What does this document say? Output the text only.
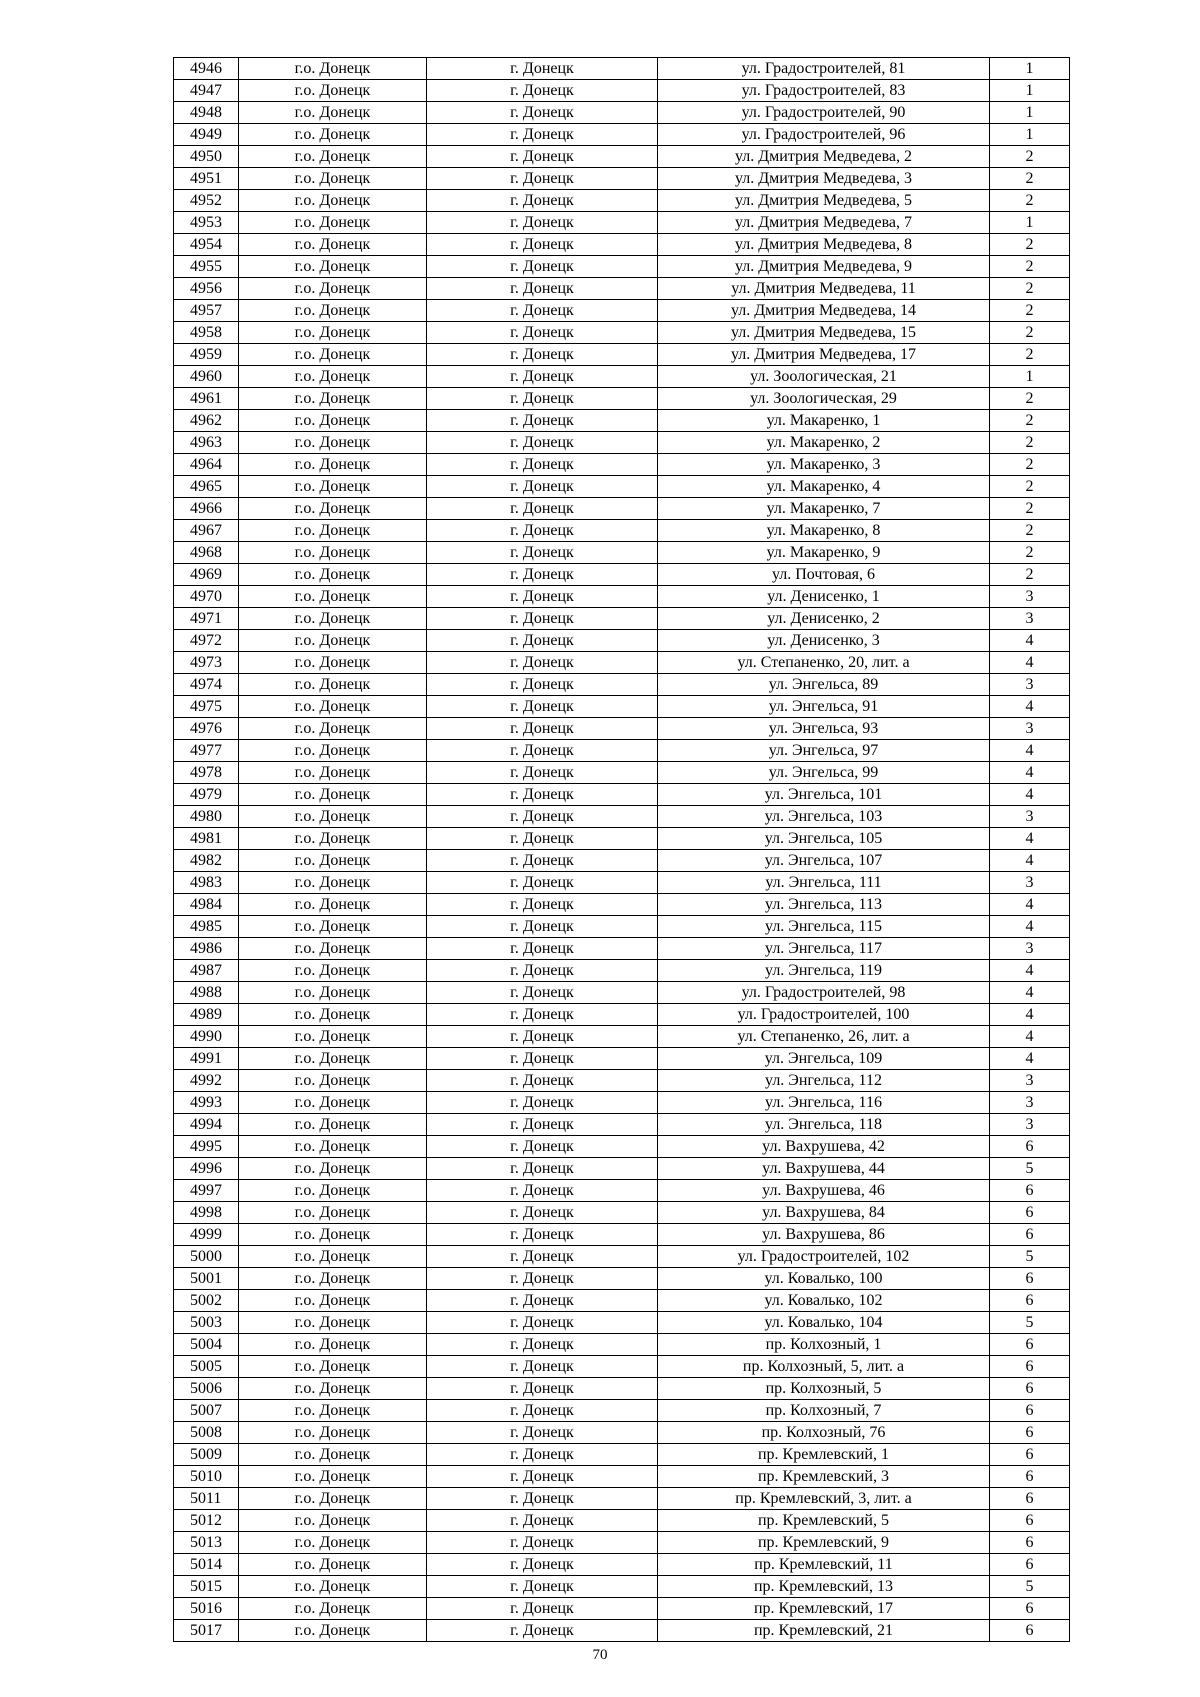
4946	г.о. Донецк	г. Донецк	ул. Градостроителей, 81	1
4947	г.о. Донецк	г. Донецк	ул. Градостроителей, 83	1
4948	г.о. Донецк	г. Донецк	ул. Градостроителей, 90	1
4949	г.о. Донецк	г. Донецк	ул. Градостроителей, 96	1
4950	г.о. Донецк	г. Донецк	ул. Дмитрия Медведева, 2	2
4951	г.о. Донецк	г. Донецк	ул. Дмитрия Медведева, 3	2
4952	г.о. Донецк	г. Донецк	ул. Дмитрия Медведева, 5	2
4953	г.о. Донецк	г. Донецк	ул. Дмитрия Медведева, 7	1
4954	г.о. Донецк	г. Донецк	ул. Дмитрия Медведева, 8	2
4955	г.о. Донецк	г. Донецк	ул. Дмитрия Медведева, 9	2
4956	г.о. Донецк	г. Донецк	ул. Дмитрия Медведева, 11	2
4957	г.о. Донецк	г. Донецк	ул. Дмитрия Медведева, 14	2
4958	г.о. Донецк	г. Донецк	ул. Дмитрия Медведева, 15	2
4959	г.о. Донецк	г. Донецк	ул. Дмитрия Медведева, 17	2
4960	г.о. Донецк	г. Донецк	ул. Зоологическая, 21	1
4961	г.о. Донецк	г. Донецк	ул. Зоологическая, 29	2
4962	г.о. Донецк	г. Донецк	ул. Макаренко, 1	2
4963	г.о. Донецк	г. Донецк	ул. Макаренко, 2	2
4964	г.о. Донецк	г. Донецк	ул. Макаренко, 3	2
4965	г.о. Донецк	г. Донецк	ул. Макаренко, 4	2
4966	г.о. Донецк	г. Донецк	ул. Макаренко, 7	2
4967	г.о. Донецк	г. Донецк	ул. Макаренко, 8	2
4968	г.о. Донецк	г. Донецк	ул. Макаренко, 9	2
4969	г.о. Донецк	г. Донецк	ул. Почтовая, 6	2
4970	г.о. Донецк	г. Донецк	ул. Денисенко, 1	3
4971	г.о. Донецк	г. Донецк	ул. Денисенко, 2	3
4972	г.о. Донецк	г. Донецк	ул. Денисенко, 3	4
4973	г.о. Донецк	г. Донецк	ул. Степаненко, 20, лит. а	4
4974	г.о. Донецк	г. Донецк	ул. Энгельса, 89	3
4975	г.о. Донецк	г. Донецк	ул. Энгельса, 91	4
4976	г.о. Донецк	г. Донецк	ул. Энгельса, 93	3
4977	г.о. Донецк	г. Донецк	ул. Энгельса, 97	4
4978	г.о. Донецк	г. Донецк	ул. Энгельса, 99	4
4979	г.о. Донецк	г. Донецк	ул. Энгельса, 101	4
4980	г.о. Донецк	г. Донецк	ул. Энгельса, 103	3
4981	г.о. Донецк	г. Донецк	ул. Энгельса, 105	4
4982	г.о. Донецк	г. Донецк	ул. Энгельса, 107	4
4983	г.о. Донецк	г. Донецк	ул. Энгельса, 111	3
4984	г.о. Донецк	г. Донецк	ул. Энгельса, 113	4
4985	г.о. Донецк	г. Донецк	ул. Энгельса, 115	4
4986	г.о. Донецк	г. Донецк	ул. Энгельса, 117	3
4987	г.о. Донецк	г. Донецк	ул. Энгельса, 119	4
4988	г.о. Донецк	г. Донецк	ул. Градостроителей, 98	4
4989	г.о. Донецк	г. Донецк	ул. Градостроителей, 100	4
4990	г.о. Донецк	г. Донецк	ул. Степаненко, 26, лит. а	4
4991	г.о. Донецк	г. Донецк	ул. Энгельса, 109	4
4992	г.о. Донецк	г. Донецк	ул. Энгельса, 112	3
4993	г.о. Донецк	г. Донецк	ул. Энгельса, 116	3
4994	г.о. Донецк	г. Донецк	ул. Энгельса, 118	3
4995	г.о. Донецк	г. Донецк	ул. Вахрушева, 42	6
4996	г.о. Донецк	г. Донецк	ул. Вахрушева, 44	5
4997	г.о. Донецк	г. Донецк	ул. Вахрушева, 46	6
4998	г.о. Донецк	г. Донецк	ул. Вахрушева, 84	6
4999	г.о. Донецк	г. Донецк	ул. Вахрушева, 86	6
5000	г.о. Донецк	г. Донецк	ул. Градостроителей, 102	5
5001	г.о. Донецк	г. Донецк	ул. Ковалько, 100	6
5002	г.о. Донецк	г. Донецк	ул. Ковалько, 102	6
5003	г.о. Донецк	г. Донецк	ул. Ковалько, 104	5
5004	г.о. Донецк	г. Донецк	пр. Колхозный, 1	6
5005	г.о. Донецк	г. Донецк	пр. Колхозный, 5, лит. а	6
5006	г.о. Донецк	г. Донецк	пр. Колхозный, 5	6
5007	г.о. Донецк	г. Донецк	пр. Колхозный, 7	6
5008	г.о. Донецк	г. Донецк	пр. Колхозный, 76	6
5009	г.о. Донецк	г. Донецк	пр. Кремлевский, 1	6
5010	г.о. Донецк	г. Донецк	пр. Кремлевский, 3	6
5011	г.о. Донецк	г. Донецк	пр. Кремлевский, 3, лит. а	6
5012	г.о. Донецк	г. Донецк	пр. Кремлевский, 5	6
5013	г.о. Донецк	г. Донецк	пр. Кремлевский, 9	6
5014	г.о. Донецк	г. Донецк	пр. Кремлевский, 11	6
5015	г.о. Донецк	г. Донецк	пр. Кремлевский, 13	5
5016	г.о. Донецк	г. Донецк	пр. Кремлевский, 17	6
5017	г.о. Донецк	г. Донецк	пр. Кремлевский, 21	6
70
